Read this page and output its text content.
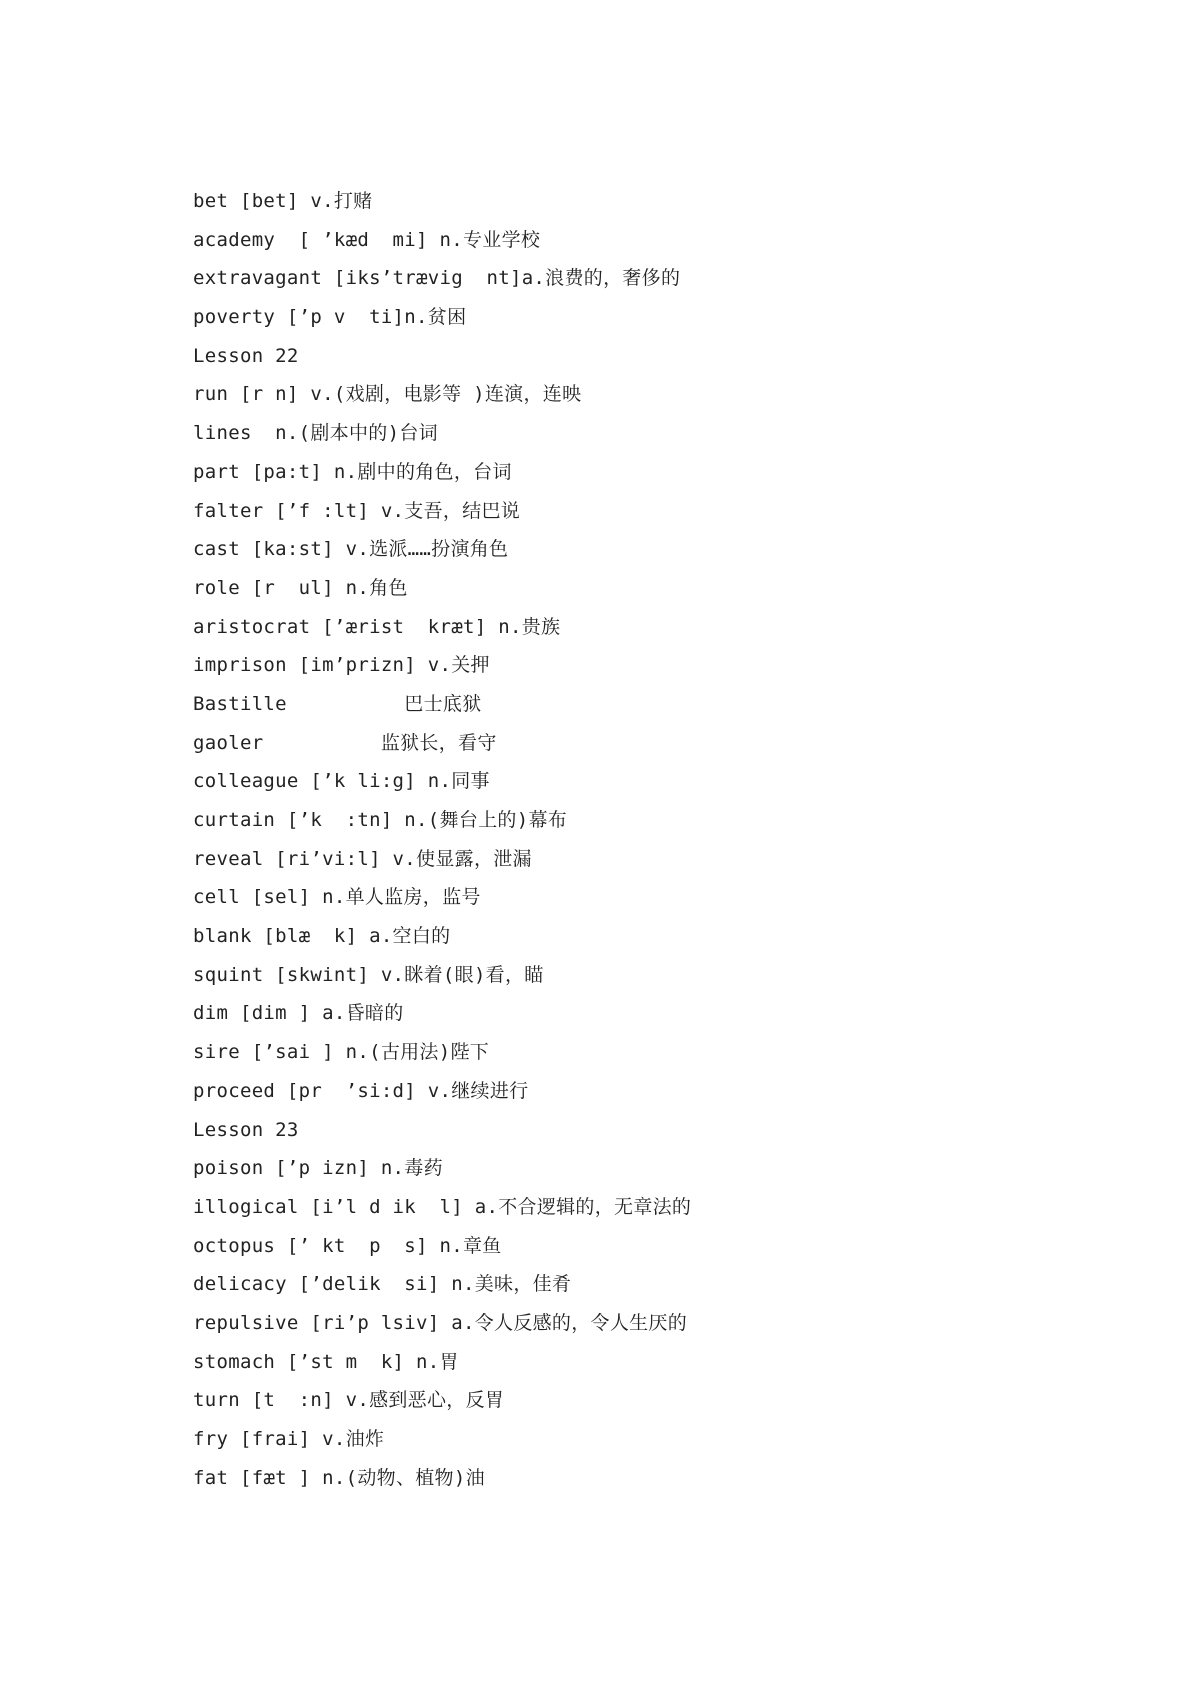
bet [bet] v.打赌
academy  [ ’kæd  mi] n.专业学校
extravagant [iks’trævig  nt]a.浪费的，奢侈的
poverty [’p v  ti]n.贫困
Lesson 22
run [r n] v.(戏剧，电影等 )连演，连映
lines  n.(剧本中的)台词
part [pa:t] n.剧中的角色，台词
falter [’f :lt] v.支吾，结巴说
cast [ka:st] v.选派……扮演角色
role [r  ul] n.角色
aristocrat [’ærist  kræt] n.贵族
imprison [im’prizn] v.关押
Bastille          巴士底狱
gaoler          监狱长，看守
colleague [’k li:g] n.同事
curtain [’k  :tn] n.(舞台上的)幕布
reveal [ri’vi:l] v.使显露，泄漏
cell [sel] n.单人监房，监号
blank [blæ  k] a.空白的
squint [skwint] v.眯着(眼)看，瞄
dim [dim ] a.昏暗的
sire [’sai ] n.(古用法)陛下
proceed [pr  ’si:d] v.继续进行
Lesson 23
poison [’p izn] n.毒药
illogical [i’l d ik  l] a.不合逻辑的，无章法的
octopus [’ kt  p  s] n.章鱼
delicacy [’delik  si] n.美味，佳肴
repulsive [ri’p lsiv] a.令人反感的，令人生厌的
stomach [’st m  k] n.胃
turn [t  :n] v.感到恶心，反胃
fry [frai] v.油炸
fat [fæt ] n.(动物、植物)油
